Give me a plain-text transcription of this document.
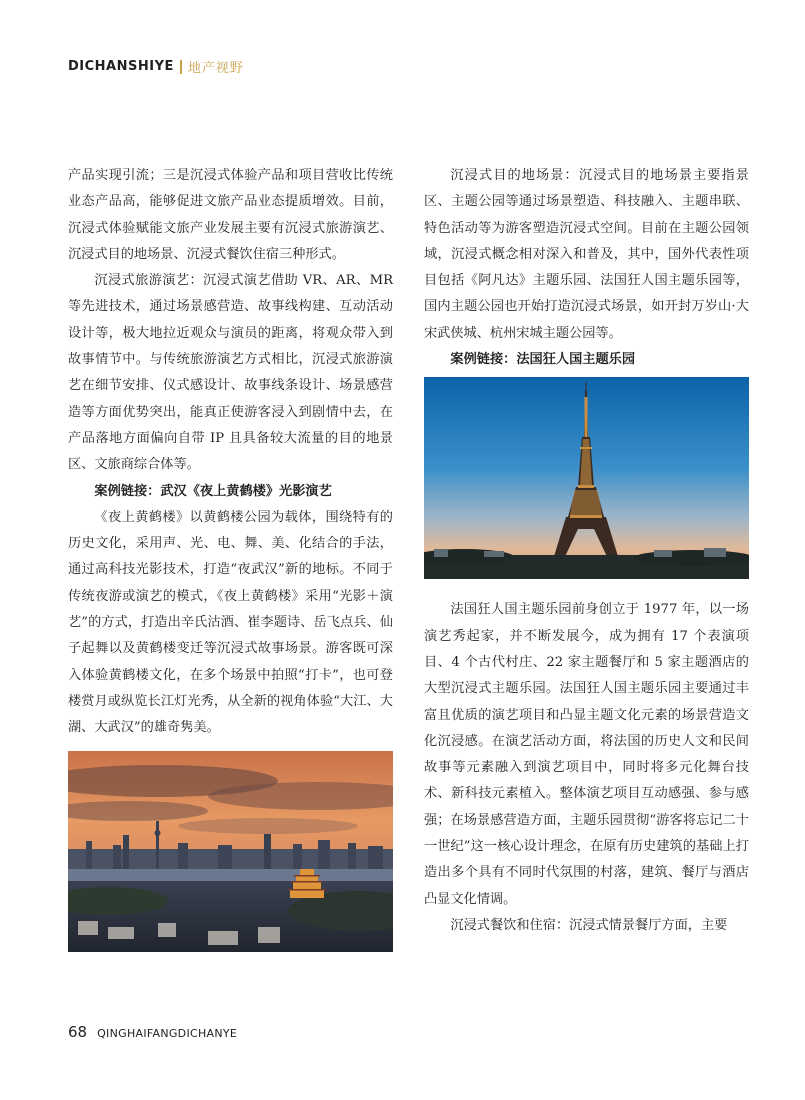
DICHANSHIYE 地产视野

产品实现引流；三是沉浸式体验产品和项目营收比传统业态产品高，能够促进文旅产品业态提质增效。目前，沉浸式体验赋能文旅产业发展主要有沉浸式旅游演艺、沉浸式目的地场景、沉浸式餐饮住宿三种形式。

沉浸式旅游演艺：沉浸式演艺借助 VR、AR、MR 等先进技术，通过场景感营造、故事线构建、互动活动设计等，极大地拉近观众与演员的距离，将观众带入到故事情节中。与传统旅游演艺方式相比，沉浸式旅游演艺在细节安排、仪式感设计、故事线条设计、场景感营造等方面优势突出，能真正使游客浸入到剧情中去，在产品落地方面偏向自带 IP 且具备较大流量的目的地景区、文旅商综合体等。

案例链接：武汉《夜上黄鹤楼》光影演艺

《夜上黄鹤楼》以黄鹤楼公园为载体，围绕特有的历史文化，采用声、光、电、舞、美、化结合的手法，通过高科技光影技术，打造“夜武汉”新的地标。不同于传统夜游或演艺的模式，《夜上黄鹤楼》采用“光影＋演艺”的方式，打造出辛氏沽酒、崔李题诗、岳飞点兵、仙子起舞以及黄鹤楼变迁等沉浸式故事场景。游客既可深入体验黄鹤楼文化，在多个场景中拍照“打卡”，也可登楼赏月或纵览长江灯光秀，从全新的视角体验“大江、大湖、大武汉”的雄奇隽美。

沉浸式目的地场景：沉浸式目的地场景主要指景区、主题公园等通过场景塑造、科技融入、主题串联、特色活动等为游客塑造沉浸式空间。目前在主题公园领域，沉浸式概念相对深入和普及，其中，国外代表性项目包括《阿凡达》主题乐园、法国狂人国主题乐园等，国内主题公园也开始打造沉浸式场景，如开封万岁山·大宋武侠城、杭州宋城主题公园等。

案例链接：法国狂人国主题乐园

法国狂人国主题乐园前身创立于 1977 年，以一场演艺秀起家，并不断发展今，成为拥有 17 个表演项目、4 个古代村庄、22 家主题餐厅和 5 家主题酒店的大型沉浸式主题乐园。法国狂人国主题乐园主要通过丰富且优质的演艺项目和凸显主题文化元素的场景营造文化沉浸感。在演艺活动方面，将法国的历史人文和民间故事等元素融入到演艺项目中，同时将多元化舞台技术、新科技元素植入。整体演艺项目互动感强、参与感强；在场景感营造方面，主题乐园贯彻“游客将忘记二十一世纪”这一核心设计理念，在原有历史建筑的基础上打造出多个具有不同时代氛围的村落，建筑、餐厅与酒店凸显文化情调。

沉浸式餐饮和住宿：沉浸式情景餐厅方面，主要

68 QINGHAIFANGDICHANYE
